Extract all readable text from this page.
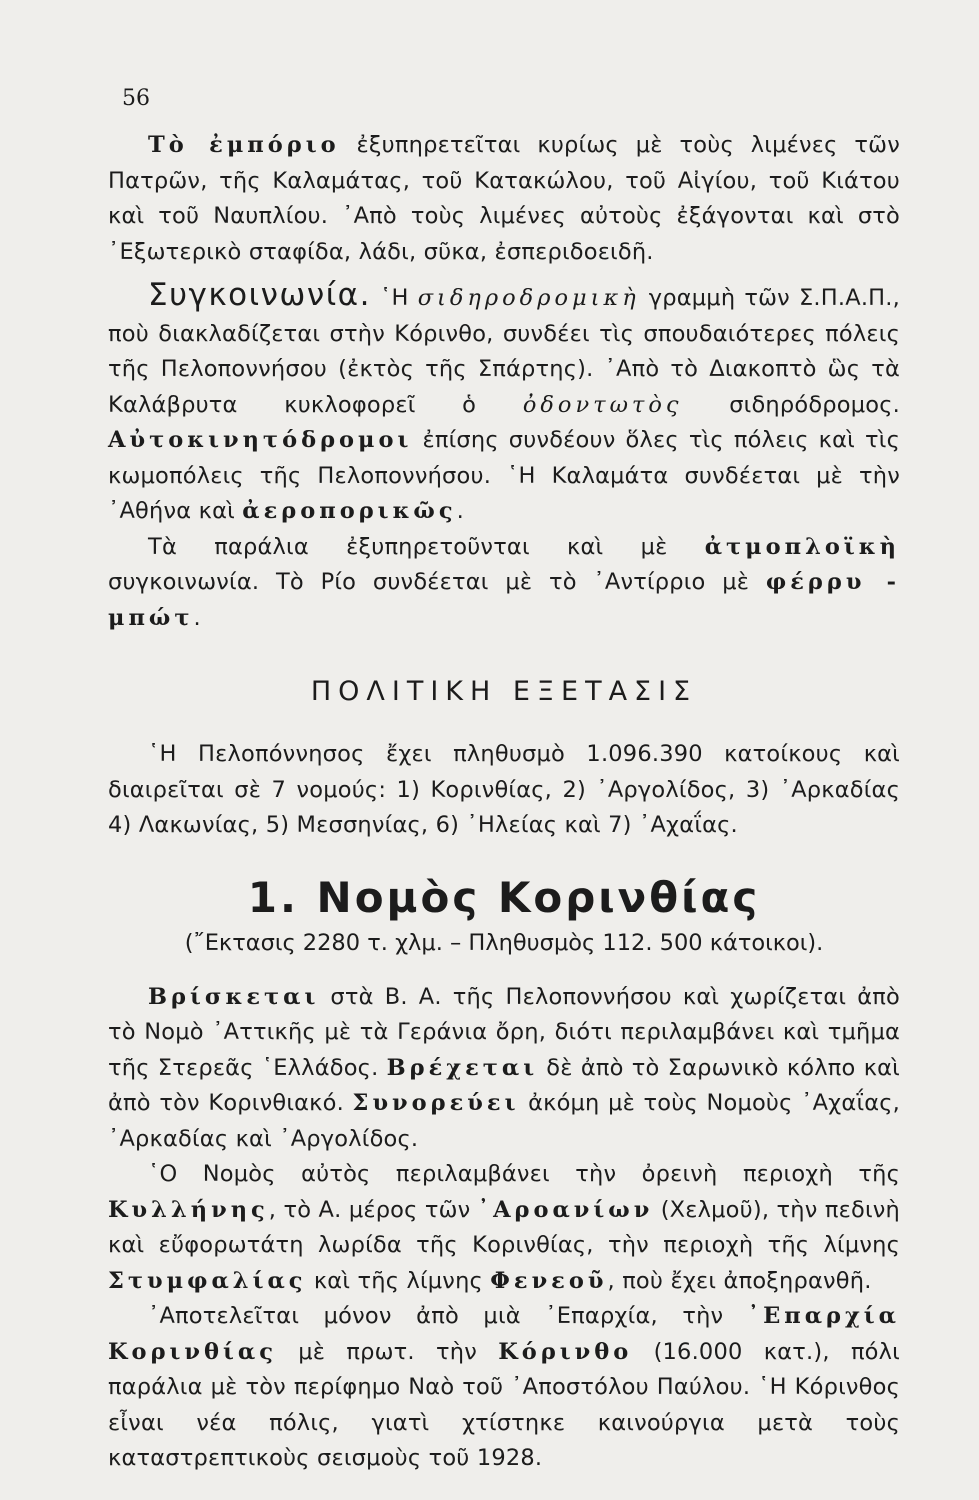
56

Τὸ ἐμπόριο ἐξυπηρετεῖται κυρίως μὲ τοὺς λιμένες τῶν Πατρῶν, τῆς Καλαμάτας, τοῦ Κατακώλου, τοῦ Αἰγίου, τοῦ Κιάτου καὶ τοῦ Ναυπλίου. ᾿Απὸ τοὺς λιμένες αὐτοὺς ἐξάγονται καὶ στὸ ᾿Εξωτερικὸ σταφίδα, λάδι, σῦκα, ἐσπεριδοειδῆ.

Συγκοινωνία. ῾Η σιδηροδρομικὴ γραμμὴ τῶν Σ.Π.Α.Π., ποὺ διακλαδίζεται στὴν Κόρινθο, συνδέει τὶς σπουδαιότερες πόλεις τῆς Πελοποννήσου (ἐκτὸς τῆς Σπάρτης). ᾿Απὸ τὸ Διακοπτὸ ὣς τὰ Καλάβρυτα κυκλοφορεῖ ὁ ὀδοντωτὸς σιδηρόδρομος. Αὐτοκινητόδρομοι ἐπίσης συνδέουν ὅλες τὶς πόλεις καὶ τὶς κωμοπόλεις τῆς Πελοποννήσου. ῾Η Καλαμάτα συνδέεται μὲ τὴν ᾿Αθήνα καὶ ἀεροπορικῶς.

Τὰ παράλια ἐξυπηρετοῦνται καὶ μὲ ἀτμοπλοϊκὴ συγκοινωνία. Τὸ Ρίο συνδέεται μὲ τὸ ᾿Αντίρριο μὲ φέρρυ - μπώτ.

ΠΟΛΙΤΙΚΗ ΕΞΕΤΑΣΙΣ

῾Η Πελοπόννησος ἔχει πληθυσμὸ 1.096.390 κατοίκους καὶ διαιρεῖται σὲ 7 νομούς: 1) Κορινθίας, 2) ᾿Αργολίδος, 3) ᾿Αρκαδίας 4) Λακωνίας, 5) Μεσσηνίας, 6) ᾿Ηλείας καὶ 7) ᾿Αχαΐας.

1. Νομὸς Κορινθίας
(῎Εκτασις 2280 τ. χλμ. – Πληθυσμὸς 112. 500 κάτοικοι).

Βρίσκεται στὰ Β. Α. τῆς Πελοποννήσου καὶ χωρίζεται ἀπὸ τὸ Νομὸ ᾿Αττικῆς μὲ τὰ Γεράνια ὄρη, διότι περιλαμβάνει καὶ τμῆμα τῆς Στερεᾶς ῾Ελλάδος. Βρέχεται δὲ ἀπὸ τὸ Σαρωνικὸ κόλπο καὶ ἀπὸ τὸν Κορινθιακό. Συνορεύει ἀκόμη μὲ τοὺς Νομοὺς ᾿Αχαΐας, ᾿Αρκαδίας καὶ ᾿Αργολίδος.

῾Ο Νομὸς αὐτὸς περιλαμβάνει τὴν ὀρεινὴ περιοχὴ τῆς Κυλλήνης, τὸ Α. μέρος τῶν ᾿Αροανίων (Χελμοῦ), τὴν πεδινὴ καὶ εὔφορωτάτη λωρίδα τῆς Κορινθίας, τὴν περιοχὴ τῆς λίμνης Στυμφαλίας καὶ τῆς λίμνης Φενεοῦ, ποὺ ἔχει ἀποξηρανθῆ.

᾿Αποτελεῖται μόνον ἀπὸ μιὰ ᾿Επαρχία, τὴν ᾿Επαρχία Κορινθίας μὲ πρωτ. τὴν Κόρινθο (16.000 κατ.), πόλι παράλια μὲ τὸν περίφημο Ναὸ τοῦ ᾿Αποστόλου Παύλου. ῾Η Κόρινθος εἶναι νέα πόλις, γιατὶ χτίστηκε καινούργια μετὰ τοὺς καταστρεπτικοὺς σεισμοὺς τοῦ 1928.
